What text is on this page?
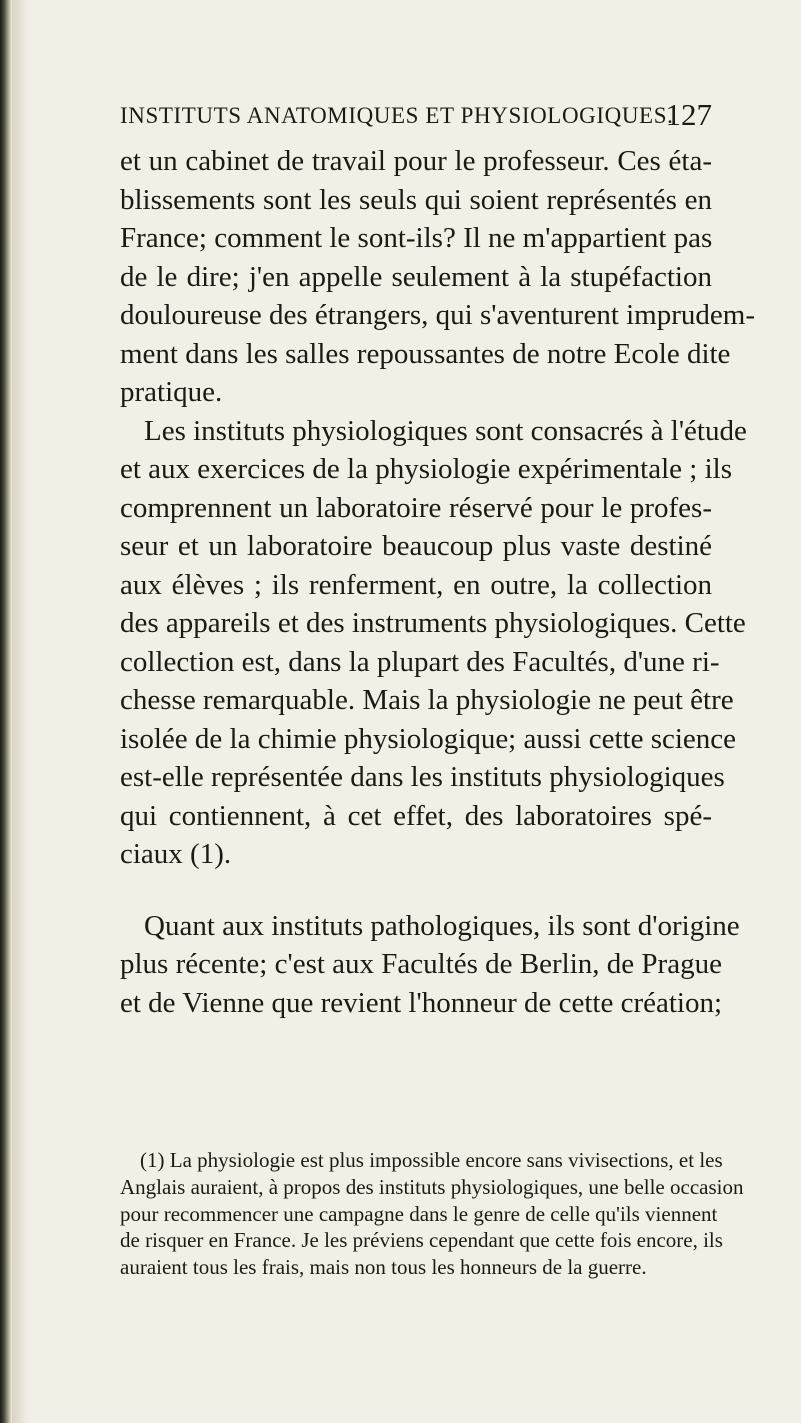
INSTITUTS ANATOMIQUES ET PHYSIOLOGIQUES.
127
et un cabinet de travail pour le professeur. Ces éta-
blissements sont les seuls qui soient représentés en
France; comment le sont-ils? Il ne m'appartient pas
de le dire; j'en appelle seulement à la stupéfaction
douloureuse des étrangers, qui s'aventurent imprudem-
ment dans les salles repoussantes de notre Ecole dite
pratique.
Les instituts physiologiques sont consacrés à l'étude
et aux exercices de la physiologie expérimentale ; ils
comprennent un laboratoire réservé pour le profes-
seur et un laboratoire beaucoup plus vaste destiné
aux élèves ; ils renferment, en outre, la collection
des appareils et des instruments physiologiques. Cette
collection est, dans la plupart des Facultés, d'une ri-
chesse remarquable. Mais la physiologie ne peut être
isolée de la chimie physiologique; aussi cette science
est-elle représentée dans les instituts physiologiques
qui contiennent, à cet effet, des laboratoires spé-
ciaux (1).
Quant aux instituts pathologiques, ils sont d'origine
plus récente; c'est aux Facultés de Berlin, de Prague
et de Vienne que revient l'honneur de cette création;
(1) La physiologie est plus impossible encore sans vivisections, et les
Anglais auraient, à propos des instituts physiologiques, une belle occasion
pour recommencer une campagne dans le genre de celle qu'ils viennent
de risquer en France. Je les préviens cependant que cette fois encore, ils
auraient tous les frais, mais non tous les honneurs de la guerre.
